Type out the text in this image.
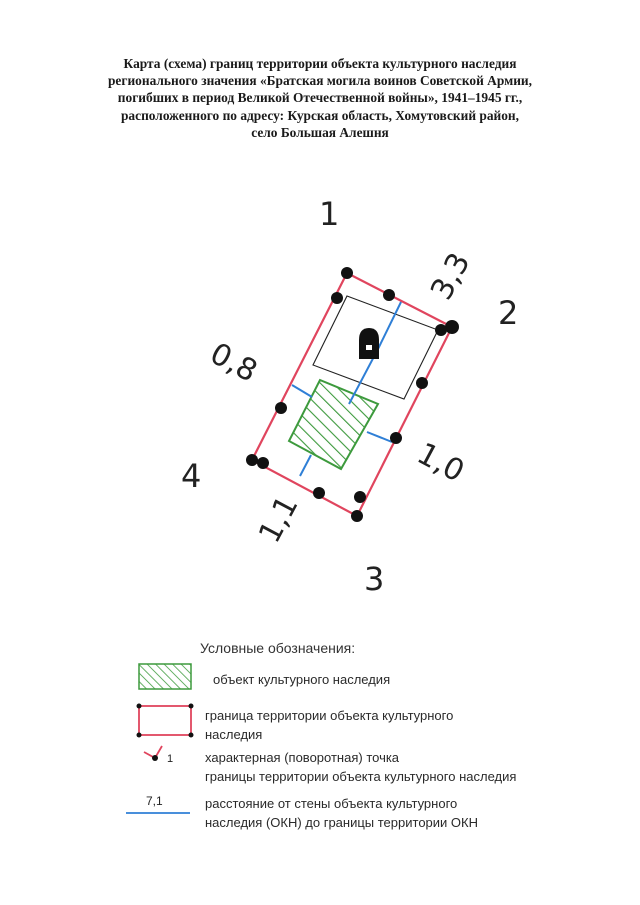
Карта (схема) границ территории объекта культурного наследия
регионального значения «Братская могила воинов Советской Армии,
погибших в период Великой Отечественной войны», 1941–1945 гг.,
расположенного по адресу: Курская область, Хомутовский район,
село Большая Алешня
1
2
3
4
3,3
0,8
1,0
1,1
1
7,1
Условные обозначения:
объект культурного наследия
граница территории объекта культурного
наследия
характерная (поворотная) точка
границы территории объекта культурного наследия
расстояние от стены объекта культурного
наследия (ОКН) до границы территории ОКН
